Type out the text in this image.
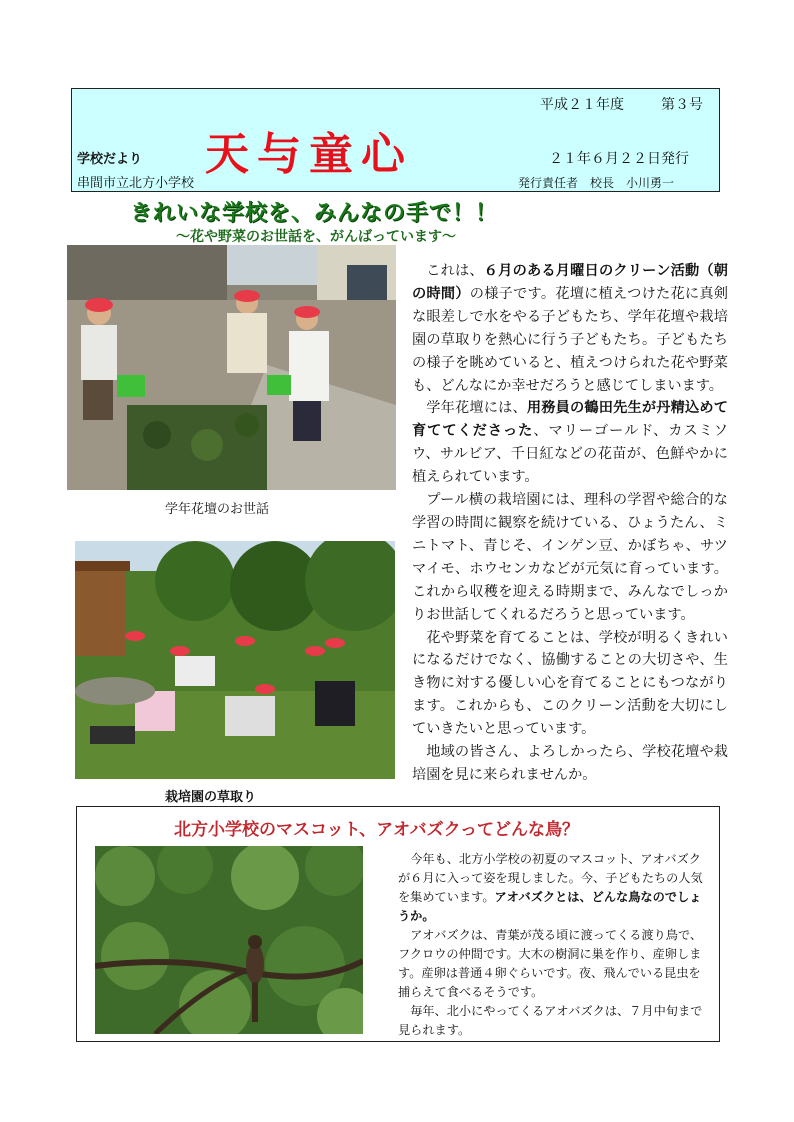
平成２１年度	第３号
学校だより 天与童心	２１年６月２２日発行
串間市立北方小学校	発行責任者　校長　小川勇一
きれいな学校を、みんなの手で！！
～花や野菜のお世話を、がんばっています～
学年花壇のお世話
栽培園の草取り

これは、６月のある月曜日のクリーン活動（朝の時間）の様子です。花壇に植えつけた花に真剣な眼差しで水をやる子どもたち、学年花壇や栽培園の草取りを熱心に行う子どもたち。子どもたちの様子を眺めていると、植えつけられた花や野菜も、どんなにか幸せだろうと感じてしまいます。

学年花壇には、用務員の鶴田先生が丹精込めて育ててくださった、マリーゴールド、カスミソウ、サルビア、千日紅などの花苗が、色鮮やかに植えられています。

プール横の栽培園には、理科の学習や総合的な学習の時間に観察を続けている、ひょうたん、ミニトマト、青じそ、インゲン豆、かぼちゃ、サツマイモ、ホウセンカなどが元気に育っています。これから収穫を迎える時期まで、みんなでしっかりお世話してくれるだろうと思っています。

花や野菜を育てることは、学校が明るくきれいになるだけでなく、協働することの大切さや、生き物に対する優しい心を育てることにもつながります。これからも、このクリーン活動を大切にしていきたいと思っています。

地域の皆さん、よろしかったら、学校花壇や栽培園を見に来られませんか。

北方小学校のマスコット、アオバズクってどんな鳥？

今年も、北方小学校の初夏のマスコット、アオバズクが６月に入って姿を現しました。今、子どもたちの人気を集めています。アオバズクとは、どんな鳥なのでしょうか。

アオバズクは、青葉が茂る頃に渡ってくる渡り鳥で、フクロウの仲間です。大木の樹洞に巣を作り、産卵します。産卵は普通４卵ぐらいです。夜、飛んでいる昆虫を捕らえて食べるそうです。

毎年、北小にやってくるアオバズクは、７月中旬まで見られます。
